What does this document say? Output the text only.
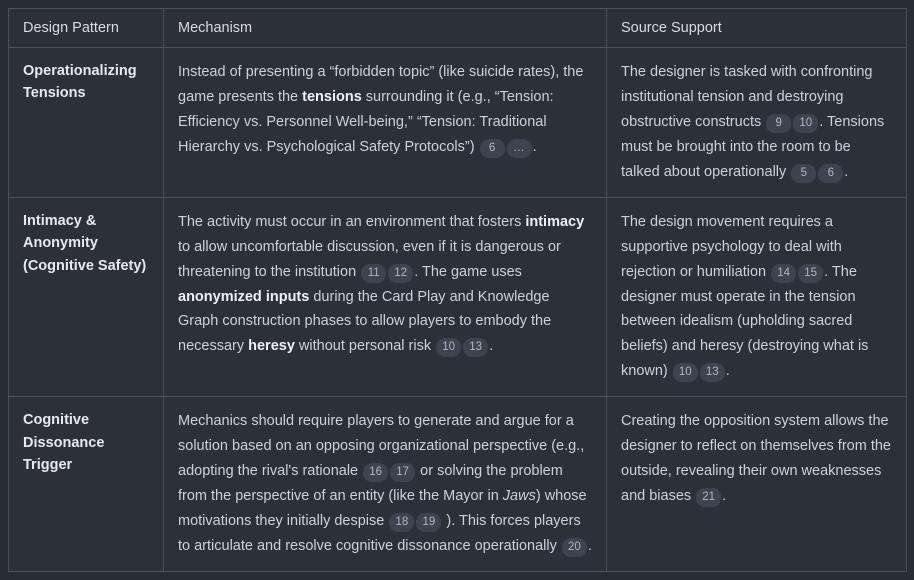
Design Pattern	Mechanism	Source Support
Operationalizing Tensions	Instead of presenting a “forbidden topic” (like suicide rates), the game presents the tensions surrounding it (e.g., “Tension: Efficiency vs. Personnel Well-being,” “Tension: Traditional Hierarchy vs. Psychological Safety Protocols”) 6 … .	The designer is tasked with confronting institutional tension and destroying obstructive constructs 9 10 . Tensions must be brought into the room to be talked about operationally 5 6 .
Intimacy & Anonymity (Cognitive Safety)	The activity must occur in an environment that fosters intimacy to allow uncomfortable discussion, even if it is dangerous or threatening to the institution 11 12 . The game uses anonymized inputs during the Card Play and Knowledge Graph construction phases to allow players to embody the necessary heresy without personal risk 10 13 .	The design movement requires a supportive psychology to deal with rejection or humiliation 14 15 . The designer must operate in the tension between idealism (upholding sacred beliefs) and heresy (destroying what is known) 10 13 .
Cognitive Dissonance Trigger	Mechanics should require players to generate and argue for a solution based on an opposing organizational perspective (e.g., adopting the rival's rationale 16 17 or solving the problem from the perspective of an entity (like the Mayor in Jaws) whose motivations they initially despise 18 19 ). This forces players to articulate and resolve cognitive dissonance operationally 20 .	Creating the opposition system allows the designer to reflect on themselves from the outside, revealing their own weaknesses and biases 21 .
